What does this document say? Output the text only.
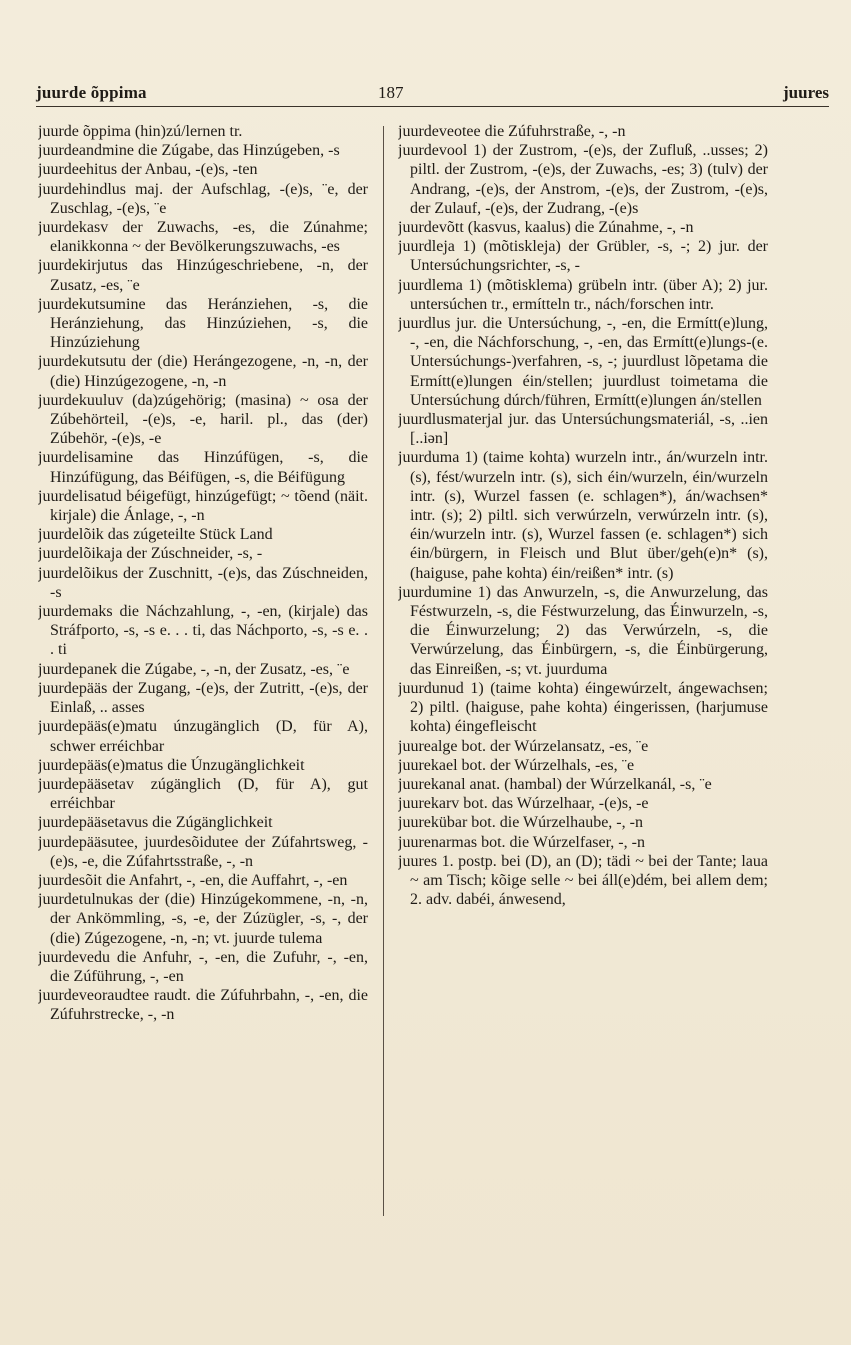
juurde õppima	187	juures
juurde õppima (hin)zú/lernen tr.
juurdeandmine die Zúgabe, das Hinzúgeben, -s
juurdeehitus der Anbau, -(e)s, -ten
juurdehindlus maj. der Aufschlag, -(e)s, ¨e, der Zuschlag, -(e)s, ¨e
juurdekasv der Zuwachs, -es, die Zúnahme; elanikkonna ~ der Bevölkerungszuwachs, -es
juurdekirjutus das Hinzúgeschriebene, -n, der Zusatz, -es, ¨e
juurdekutsumine das Heránziehen, -s, die Heránziehung, das Hinzúziehen, -s, die Hinzúziehung
juurdekutsutu der (die) Herángezogene, -n, -n, der (die) Hinzúgezogene, -n, -n
juurdekuuluv (da)zúgehörig; (masina) ~ osa der Zúbehörteil, -(e)s, -e, haril. pl., das (der) Zúbehör, -(e)s, -e
juurdelisamine das Hinzúfügen, -s, die Hinzúfügung, das Béifügen, -s, die Béifügung
juurdelisatud béigefügt, hinzúgefügt; ~ tõend (näit. kirjale) die Ánlage, -, -n
juurdelõik das zúgeteilte Stück Land
juurdelõikaja der Zúschneider, -s, -
juurdelõikus der Zuschnitt, -(e)s, das Zúschneiden, -s
juurdemaks die Náchzahlung, -, -en, (kirjale) das Stráfporto, -s, -s e. . . ti, das Náchporto, -s, -s e. . . ti
juurdepanek die Zúgabe, -, -n, der Zusatz, -es, ¨e
juurdepääs der Zugang, -(e)s, der Zutritt, -(e)s, der Einlaß, .. asses
juurdepääs(e)matu únzugänglich (D, für A), schwer erréichbar
juurdepääs(e)matus die Únzugänglichkeit
juurdepääsetav zúgänglich (D, für A), gut erréichbar
juurdepääsetavus die Zúgänglichkeit
juurdepääsutee, juurdesõidutee der Zúfahrtsweg, -(e)s, -e, die Zúfahrtsstraße, -, -n
juurdesõit die Anfahrt, -, -en, die Auffahrt, -, -en
juurdetulnukas der (die) Hinzúgekommene, -n, -n, der Ankömmling, -s, -e, der Zúzügler, -s, -, der (die) Zúgezogene, -n, -n; vt. juurde tulema
juurdevedu die Anfuhr, -, -en, die Zufuhr, -, -en, die Zúführung, -, -en
juurdeveoraudtee raudt. die Zúfuhrbahn, -, -en, die Zúfuhrstrecke, -, -n
juurdeveotee die Zúfuhrstraße, -, -n
juurdevool 1) der Zustrom, -(e)s, der Zufluß, ..usses; 2) piltl. der Zustrom, -(e)s, der Zuwachs, -es; 3) (tulv) der Andrang, -(e)s, der Anstrom, -(e)s, der Zustrom, -(e)s, der Zulauf, -(e)s, der Zudrang, -(e)s
juurdevõtt (kasvus, kaalus) die Zúnahme, -, -n
juurdleja 1) (mõtiskleja) der Grübler, -s, -; 2) jur. der Untersúchungsrichter, -s, -
juurdlema 1) (mõtisklema) grübeln intr. (über A); 2) jur. untersúchen tr., ermítteln tr., nách/forschen intr.
juurdlus jur. die Untersúchung, -, -en, die Ermítt(e)lung, -, -en, die Náchforschung, -, -en, das Ermítt(e)lungs-(e. Untersúchungs-)verfahren, -s, -; juurdlust lõpetama die Ermítt(e)lungen éin/stellen; juurdlust toimetama die Untersúchung dúrch/führen, Ermítt(e)lungen án/stellen
juurdlusmaterjal jur. das Untersúchungsmateriál, -s, ..ien [..iən]
juurduma 1) (taime kohta) wurzeln intr., án/wurzeln intr. (s), fést/wurzeln intr. (s), sich éin/wurzeln, éin/wurzeln intr. (s), Wurzel fassen (e. schlagen*), án/wachsen* intr. (s); 2) piltl. sich verwúrzeln, verwúrzeln intr. (s), éin/wurzeln intr. (s), Wurzel fassen (e. schlagen*) sich éin/bürgern, in Fleisch und Blut über/geh(e)n* (s), (haiguse, pahe kohta) éin/reißen* intr. (s)
juurdumine 1) das Anwurzeln, -s, die Anwurzelung, das Féstwurzeln, -s, die Féstwurzelung, das Éinwurzeln, -s, die Éinwurzelung; 2) das Verwúrzeln, -s, die Verwúrzelung, das Éinbürgern, -s, die Éinbürgerung, das Einreißen, -s; vt. juurduma
juurdunud 1) (taime kohta) éingewúrzelt, ángewachsen; 2) piltl. (haiguse, pahe kohta) éingerissen, (harjumuse kohta) éingefleischt
juurealge bot. der Wúrzelansatz, -es, ¨e
juurekael bot. der Wúrzelhals, -es, ¨e
juurekanal anat. (hambal) der Wúrzelkanál, -s, ¨e
juurekarv bot. das Wúrzelhaar, -(e)s, -e
juurekübar bot. die Wúrzelhaube, -, -n
juurenarmas bot. die Wúrzelfaser, -, -n
juures 1. postp. bei (D), an (D); tädi ~ bei der Tante; laua ~ am Tisch; kõige selle ~ bei áll(e)dém, bei allem dem; 2. adv. dabéi, ánwesend,
